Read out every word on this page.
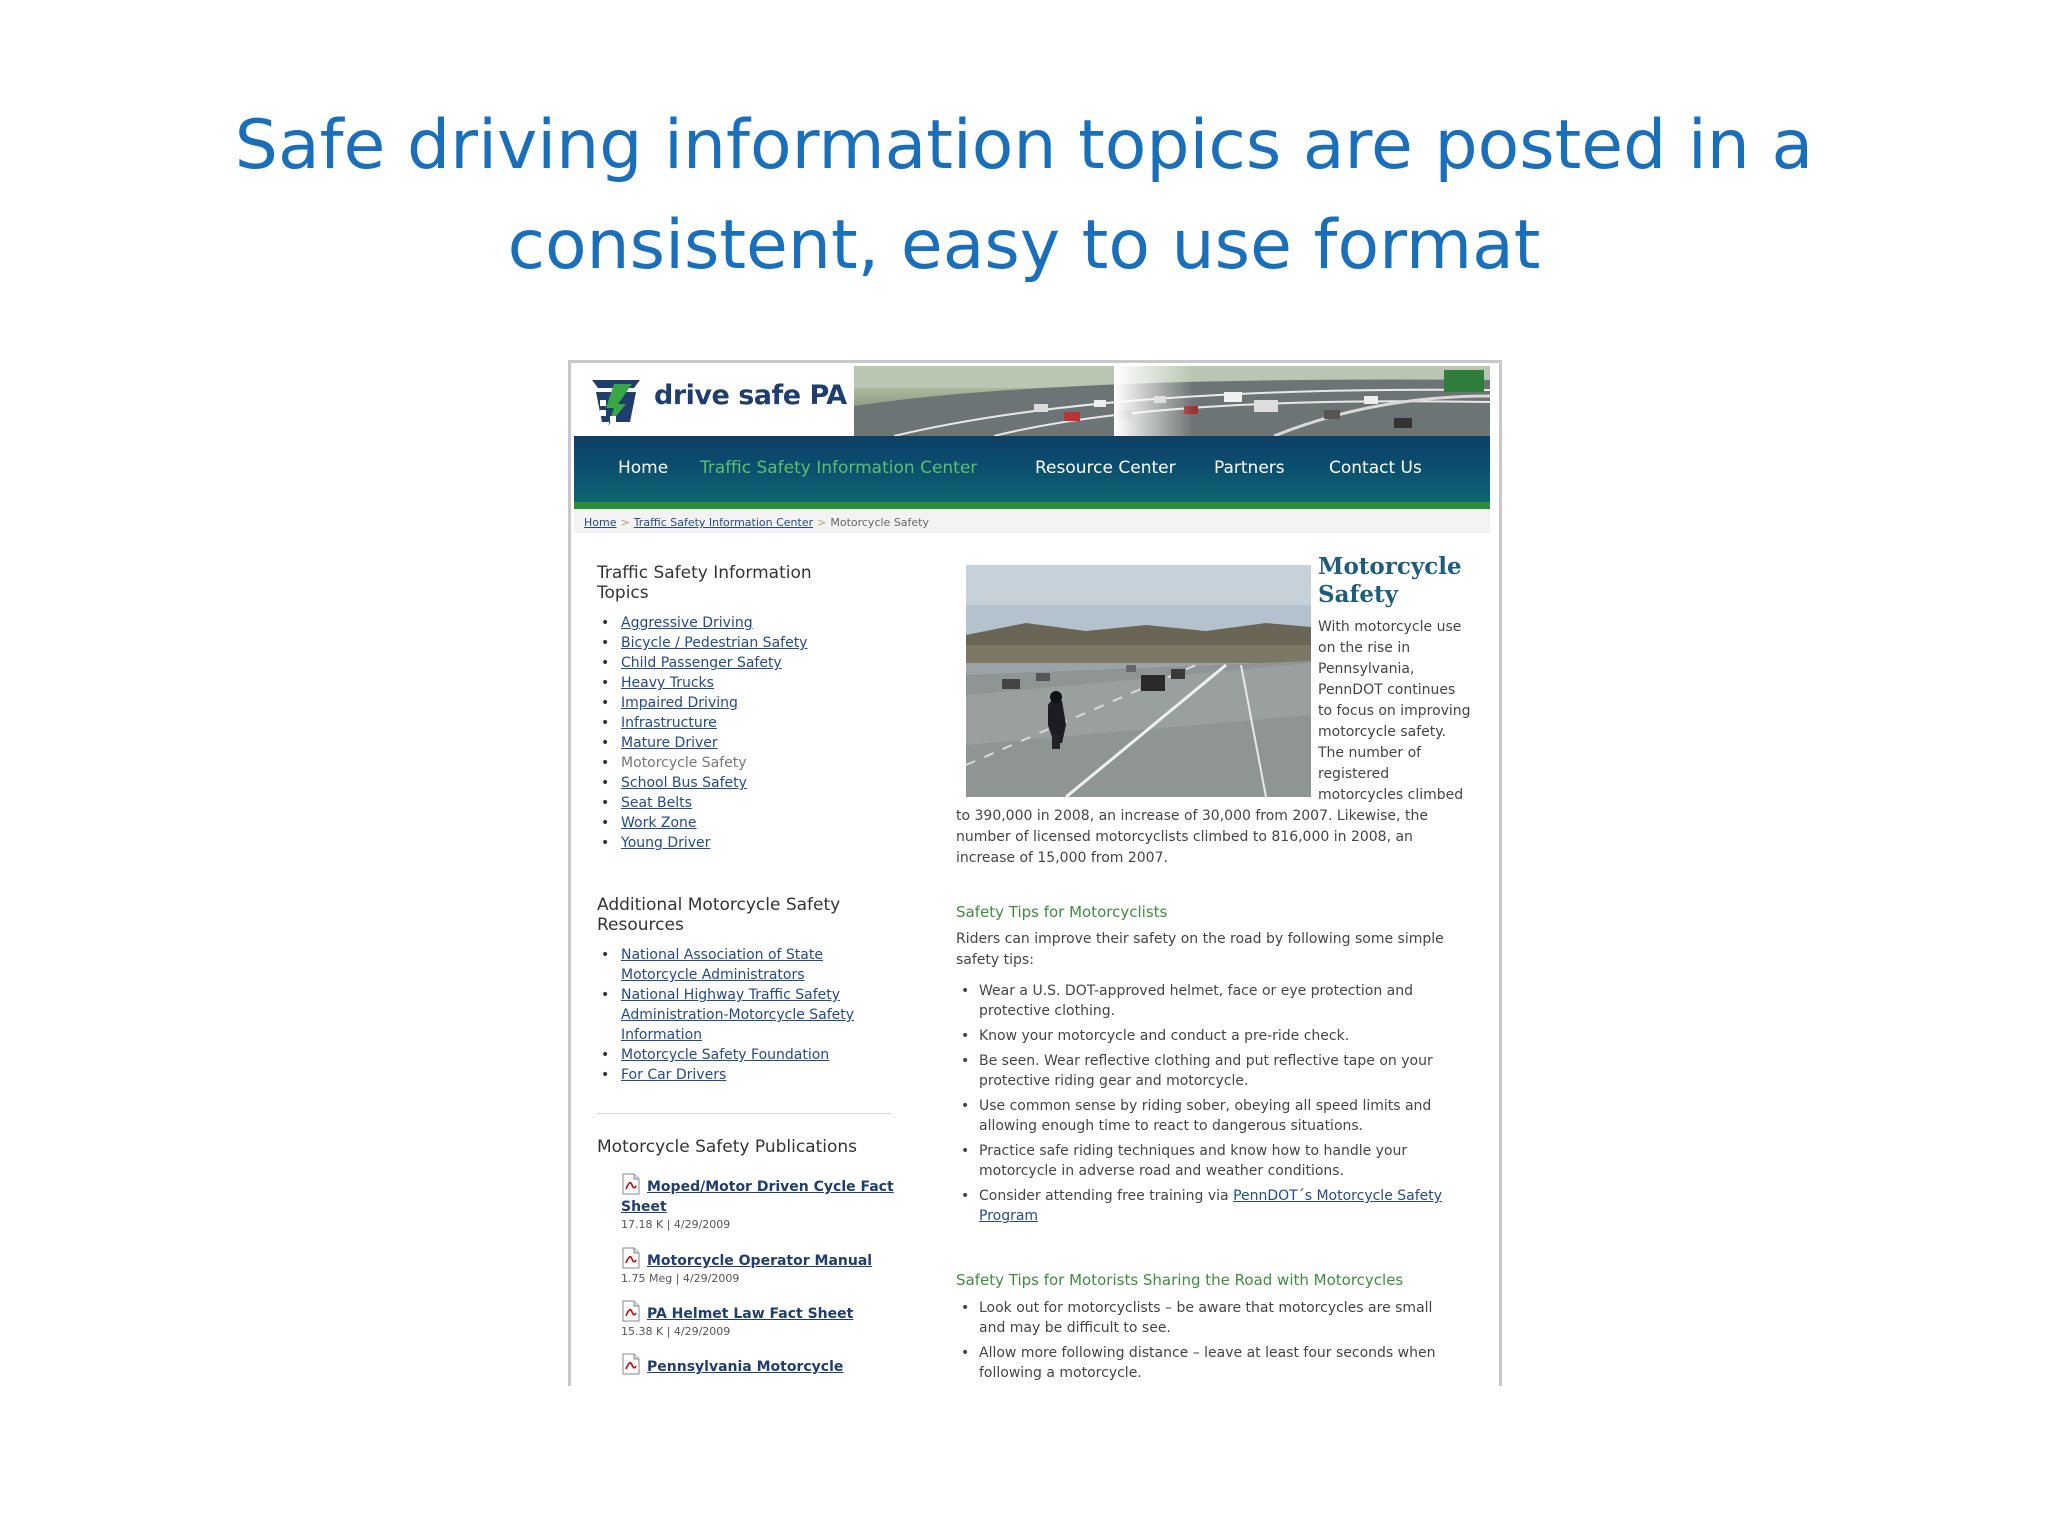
Safe driving information topics are posted in a
consistent, easy to use format
drive safe PA
Home Traffic Safety Information Center	Resource Center Partners	Contact Us
Home > Traffic Safety Information Center > Motorcycle Safety
Traffic Safety Information
Topics
• Aggressive Driving
• Bicycle / Pedestrian Safety
• Child Passenger Safety
• Heavy Trucks
• Impaired Driving
• Infrastructure
• Mature Driver
• Motorcycle Safety
• School Bus Safety
• Seat Belts
• Work Zone
• Young Driver
Additional Motorcycle Safety
Resources
• National Association of State
Motorcycle Administrators
• National Highway Traffic Safety
Administration-Motorcycle Safety
Information
• Motorcycle Safety Foundation
• For Car Drivers
Motorcycle Safety Publications
Moped/Motor Driven Cycle Fact
Sheet
17.18 K | 4/29/2009
Motorcycle Operator Manual
1.75 Meg | 4/29/2009
PA Helmet Law Fact Sheet
15.38 K | 4/29/2009
Pennsylvania Motorcycle
Motorcycle
Safety
With motorcycle use
on the rise in
Pennsylvania,
PennDOT continues
to focus on improving
motorcycle safety.
The number of
registered
motorcycles climbed
to 390,000 in 2008, an increase of 30,000 from 2007. Likewise, the
number of licensed motorcyclists climbed to 816,000 in 2008, an
increase of 15,000 from 2007.
Safety Tips for Motorcyclists
Riders can improve their safety on the road by following some simple
safety tips:
• Wear a U.S. DOT-approved helmet, face or eye protection and
protective clothing.
• Know your motorcycle and conduct a pre-ride check.
• Be seen. Wear reflective clothing and put reflective tape on your
protective riding gear and motorcycle.
• Use common sense by riding sober, obeying all speed limits and
allowing enough time to react to dangerous situations.
• Practice safe riding techniques and know how to handle your
motorcycle in adverse road and weather conditions.
• Consider attending free training via PennDOT´s Motorcycle Safety
Program
Safety Tips for Motorists Sharing the Road with Motorcycles
• Look out for motorcyclists – be aware that motorcycles are small
and may be difficult to see.
• Allow more following distance – leave at least four seconds when
following a motorcycle.
